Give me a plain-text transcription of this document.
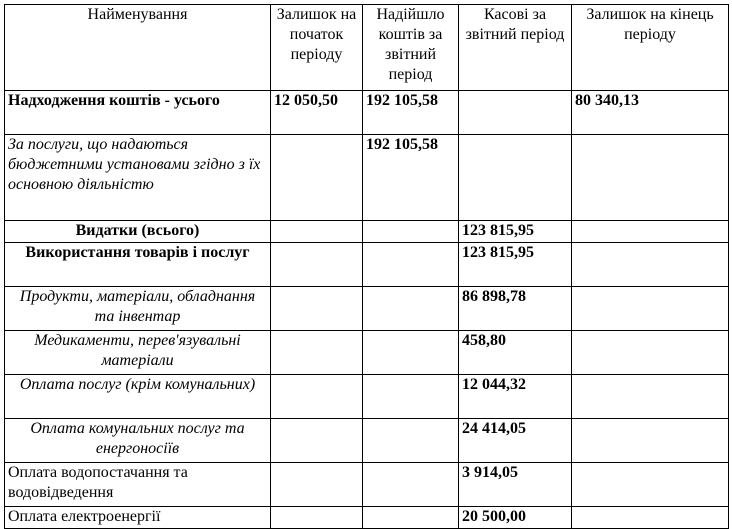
Найменування	Залишок на початок періоду	Надійшло коштів за звітний період	Касові за звітний період	Залишок на кінець періоду
Надходження коштів - усього	12 050,50	192 105,58		80 340,13
За послуги, що надаються бюджетними установами згідно з їх основною діяльністю		192 105,58		
Видатки (всього)			123 815,95	
Використання товарів і послуг			123 815,95	
Продукти, матеріали, обладнання та інвентар			86 898,78	
Медикаменти, перев'язувальні матеріали			458,80	
Оплата послуг (крім комунальних)			12 044,32	
Оплата комунальних послуг та енергоносіїв			24 414,05	
Оплата водопостачання та водовідведення			3 914,05	
Оплата електроенергії			20 500,00	
